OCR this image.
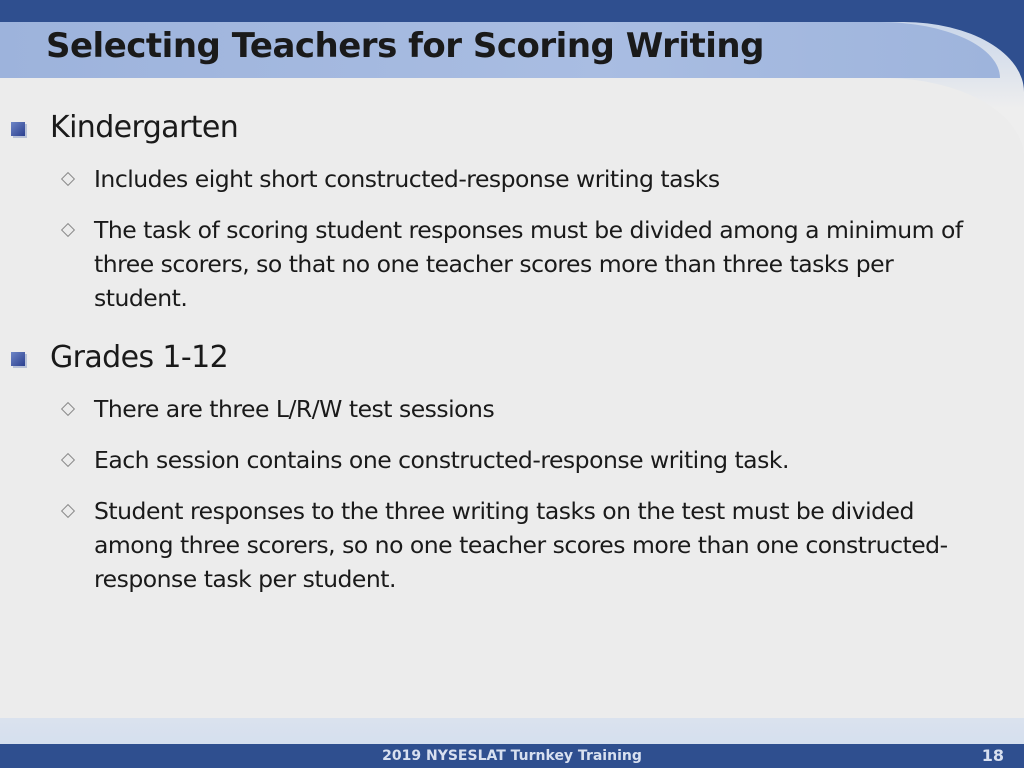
Selecting Teachers for Scoring Writing
Kindergarten
Includes eight short constructed-response writing tasks
The task of scoring student responses must be divided among a minimum of three scorers, so that no one teacher scores more than three tasks per student.
Grades 1-12
There are three L/R/W test sessions
Each session contains one constructed-response writing task.
Student responses to the three writing tasks on the test must be divided among three scorers, so no one teacher scores more than one constructed-response task per student.
2019 NYSESLAT Turnkey Training	18
